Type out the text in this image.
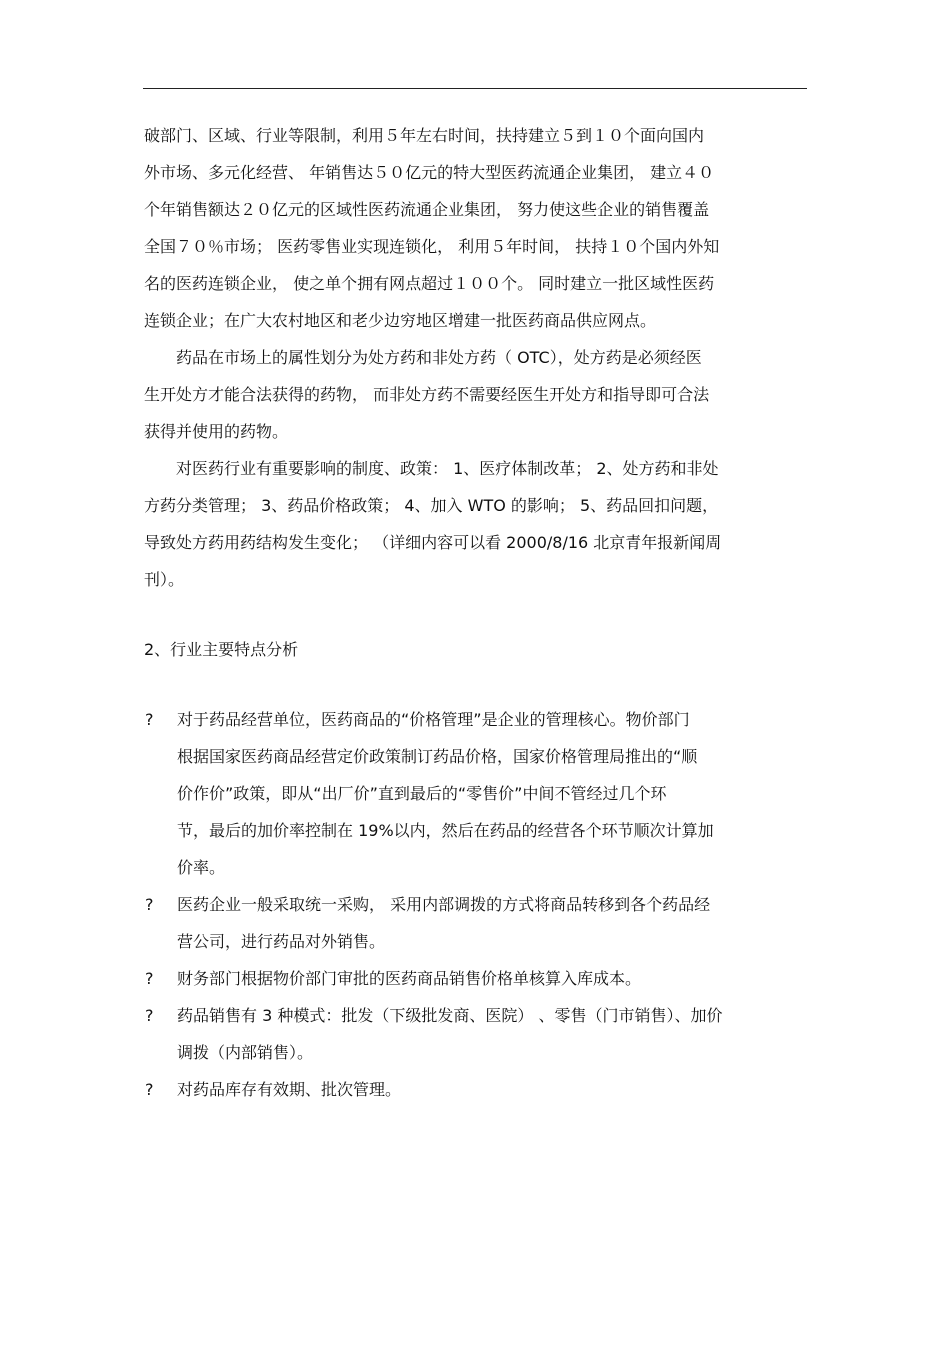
破部门、区域、行业等限制，利用５年左右时间，扶持建立５到１０个面向国内

外市场、多元化经营、 年销售达５０亿元的特大型医药流通企业集团， 建立４０

个年销售额达２０亿元的区域性医药流通企业集团， 努力使这些企业的销售覆盖

全国７０％市场； 医药零售业实现连锁化， 利用５年时间， 扶持１０个国内外知

名的医药连锁企业， 使之单个拥有网点超过１００个。 同时建立一批区域性医药

连锁企业；在广大农村地区和老少边穷地区增建一批医药商品供应网点。

药品在市场上的属性划分为处方药和非处方药（ OTC），处方药是必须经医

生开处方才能合法获得的药物， 而非处方药不需要经医生开处方和指导即可合法

获得并使用的药物。

对医药行业有重要影响的制度、政策： 1、医疗体制改革； 2、处方药和非处

方药分类管理； 3、药品价格政策； 4、加入 WTO 的影响； 5、药品回扣问题，

导致处方药用药结构发生变化； （详细内容可以看 2000/8/16 北京青年报新闻周

刊）。

2、行业主要特点分析
? 对于药品经营单位，医药商品的“价格管理”是企业的管理核心。物价部门
根据国家医药商品经营定价政策制订药品价格，国家价格管理局推出的“顺
价作价”政策，即从“出厂价”直到最后的“零售价”中间不管经过几个环
节，最后的加价率控制在 19%以内，然后在药品的经营各个环节顺次计算加
价率。
? 医药企业一般采取统一采购， 采用内部调拨的方式将商品转移到各个药品经
营公司，进行药品对外销售。
? 财务部门根据物价部门审批的医药商品销售价格单核算入库成本。
? 药品销售有 3 种模式：批发（下级批发商、医院） 、零售（门市销售）、加价
调拨（内部销售）。
? 对药品库存有效期、批次管理。
